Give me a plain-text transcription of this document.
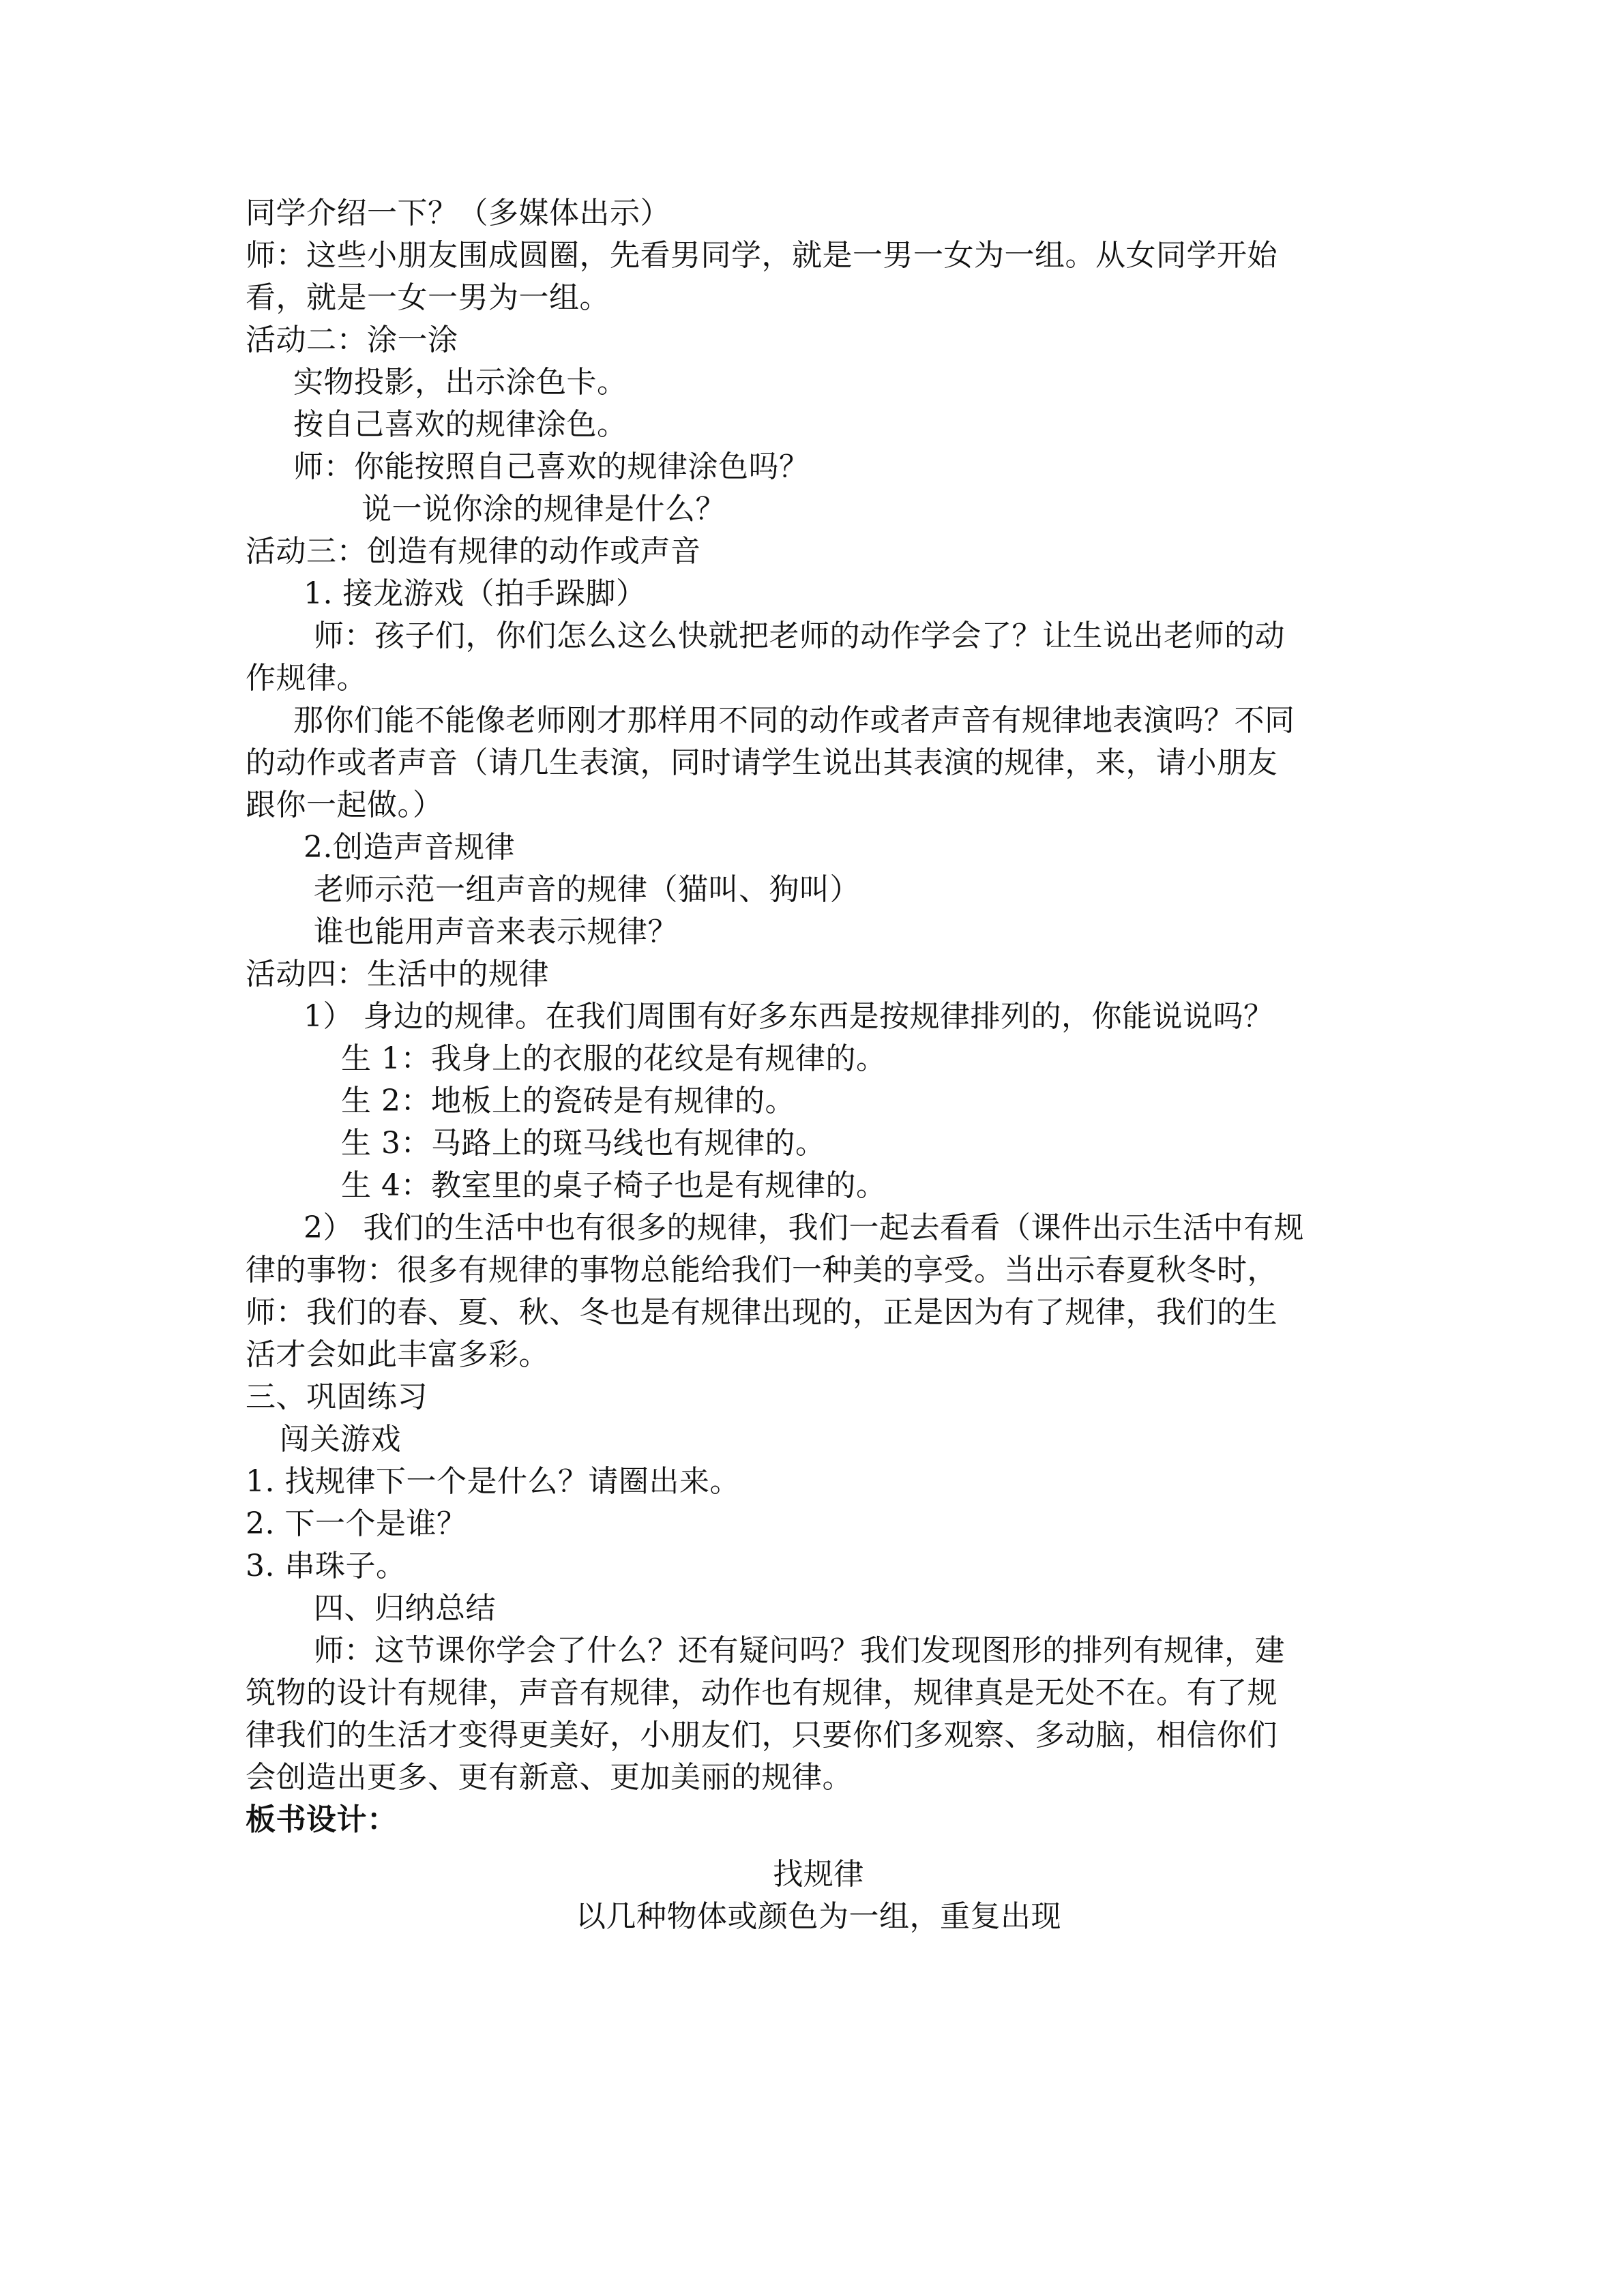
同学介绍一下？（多媒体出示）
师：这些小朋友围成圆圈，先看男同学，就是一男一女为一组。从女同学开始
看，就是一女一男为一组。
活动二：涂一涂
实物投影，出示涂色卡。
按自己喜欢的规律涂色。
师：你能按照自己喜欢的规律涂色吗？
说一说你涂的规律是什么？
活动三：创造有规律的动作或声音
1. 接龙游戏（拍手跺脚）
师：孩子们，你们怎么这么快就把老师的动作学会了？让生说出老师的动
作规律。
那你们能不能像老师刚才那样用不同的动作或者声音有规律地表演吗？不同
的动作或者声音（请几生表演，同时请学生说出其表演的规律，来，请小朋友
跟你一起做。）
2.创造声音规律
老师示范一组声音的规律（猫叫、狗叫）
谁也能用声音来表示规律？
活动四：生活中的规律
1） 身边的规律。在我们周围有好多东西是按规律排列的，你能说说吗？
生 1：我身上的衣服的花纹是有规律的。
生 2：地板上的瓷砖是有规律的。
生 3：马路上的斑马线也有规律的。
生 4：教室里的桌子椅子也是有规律的。
2） 我们的生活中也有很多的规律，我们一起去看看（课件出示生活中有规
律的事物：很多有规律的事物总能给我们一种美的享受。当出示春夏秋冬时，
师：我们的春、夏、秋、冬也是有规律出现的，正是因为有了规律，我们的生
活才会如此丰富多彩。
三、巩固练习
闯关游戏
1. 找规律下一个是什么？请圈出来。
2. 下一个是谁？
3. 串珠子。
四、归纳总结
师：这节课你学会了什么？还有疑问吗？我们发现图形的排列有规律，建
筑物的设计有规律，声音有规律，动作也有规律，规律真是无处不在。有了规
律我们的生活才变得更美好，小朋友们，只要你们多观察、多动脑，相信你们
会创造出更多、更有新意、更加美丽的规律。
板书设计：
找规律
以几种物体或颜色为一组，重复出现
